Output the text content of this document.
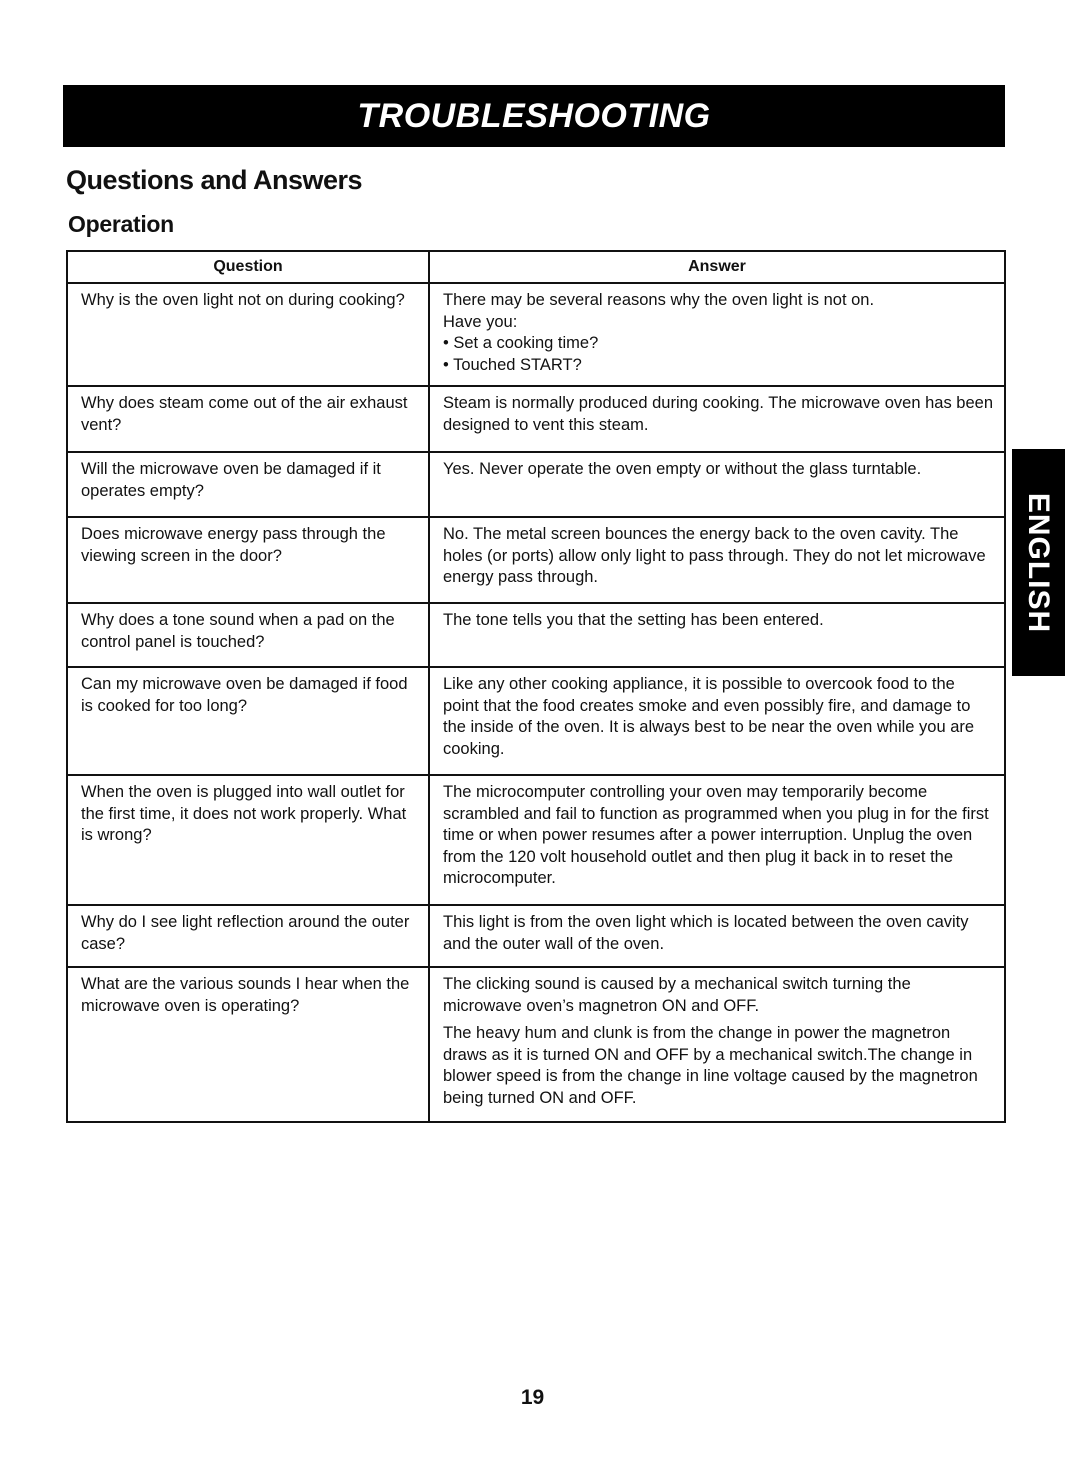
TROUBLESHOOTING
Questions and Answers
Operation
Question	Answer
Why is the oven light not on during cooking?	There may be several reasons why the oven light is not on.
Have you:
• Set a cooking time?
• Touched START?

Why does steam come out of the air exhaust vent?	Steam is normally produced during cooking. The microwave oven has been designed to vent this steam.

Will the microwave oven be damaged if it operates empty?	Yes. Never operate the oven empty or without the glass turntable.

Does microwave energy pass through the viewing screen in the door?	No. The metal screen bounces the energy back to the oven cavity. The holes (or ports) allow only light to pass through. They do not let microwave energy pass through.

Why does a tone sound when a pad on the control panel is touched?	The tone tells you that the setting has been entered.

Can my microwave oven be damaged if food is cooked for too long?	Like any other cooking appliance, it is possible to overcook food to the point that the food creates smoke and even possibly fire, and damage to the inside of the oven. It is always best to be near the oven while you are cooking.

When the oven is plugged into wall outlet for the first time, it does not work properly. What is wrong?	The microcomputer controlling your oven may temporarily become scrambled and fail to function as programmed when you plug in for the first time or when power resumes after a power interruption. Unplug the oven from the 120 volt household outlet and then plug it back in to reset the microcomputer.

Why do I see light reflection around the outer case?	This light is from the oven light which is located between the oven cavity and the outer wall of the oven.

What are the various sounds I hear when the microwave oven is operating?	The clicking sound is caused by a mechanical switch turning the microwave oven’s magnetron ON and OFF.
The heavy hum and clunk is from the change in power the magnetron draws as it is turned ON and OFF by a mechanical switch.The change in blower speed is from the change in line voltage caused by the magnetron being turned ON and OFF.
ENGLISH
19
